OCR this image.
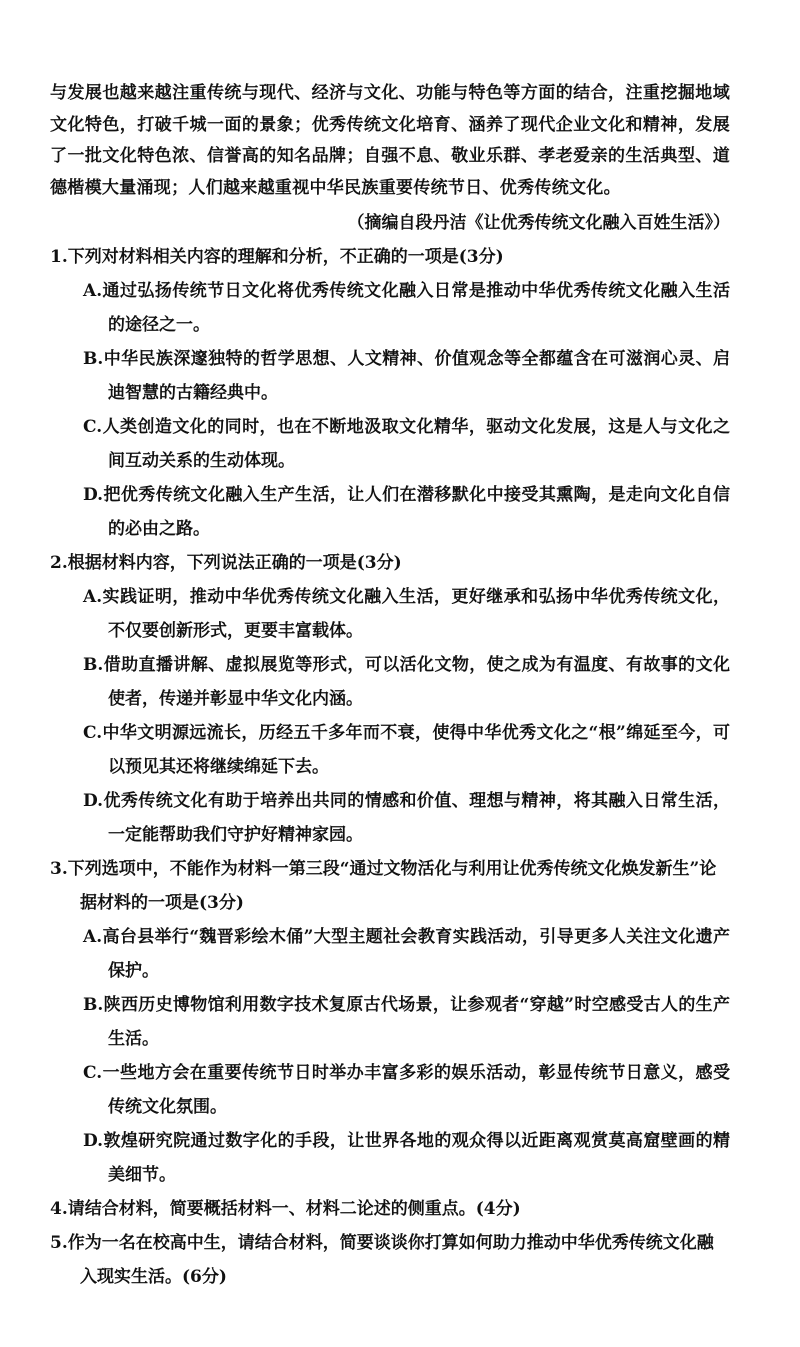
与发展也越来越注重传统与现代、经济与文化、功能与特色等方面的结合，注重挖掘地域文化特色，打破千城一面的景象；优秀传统文化培育、涵养了现代企业文化和精神，发展了一批文化特色浓、信誉高的知名品牌；自强不息、敬业乐群、孝老爱亲的生活典型、道德楷模大量涌现；人们越来越重视中华民族重要传统节日、优秀传统文化。

（摘编自段丹洁《让优秀传统文化融入百姓生活》）

1.下列对材料相关内容的理解和分析，不正确的一项是(3分)

A.通过弘扬传统节日文化将优秀传统文化融入日常是推动中华优秀传统文化融入生活的途径之一。

B.中华民族深邃独特的哲学思想、人文精神、价值观念等全都蕴含在可滋润心灵、启迪智慧的古籍经典中。

C.人类创造文化的同时，也在不断地汲取文化精华，驱动文化发展，这是人与文化之间互动关系的生动体现。

D.把优秀传统文化融入生产生活，让人们在潜移默化中接受其熏陶，是走向文化自信的必由之路。

2.根据材料内容，下列说法正确的一项是(3分)

A.实践证明，推动中华优秀传统文化融入生活，更好继承和弘扬中华优秀传统文化，不仅要创新形式，更要丰富载体。

B.借助直播讲解、虚拟展览等形式，可以活化文物，使之成为有温度、有故事的文化使者，传递并彰显中华文化内涵。

C.中华文明源远流长，历经五千多年而不衰，使得中华优秀文化之“根”绵延至今，可以预见其还将继续绵延下去。

D.优秀传统文化有助于培养出共同的情感和价值、理想与精神，将其融入日常生活，一定能帮助我们守护好精神家园。

3.下列选项中，不能作为材料一第三段“通过文物活化与利用让优秀传统文化焕发新生”论据材料的一项是(3分)

A.高台县举行“魏晋彩绘木俑”大型主题社会教育实践活动，引导更多人关注文化遗产保护。

B.陕西历史博物馆利用数字技术复原古代场景，让参观者“穿越”时空感受古人的生产生活。

C.一些地方会在重要传统节日时举办丰富多彩的娱乐活动，彰显传统节日意义，感受传统文化氛围。

D.敦煌研究院通过数字化的手段，让世界各地的观众得以近距离观赏莫高窟壁画的精美细节。

4.请结合材料，简要概括材料一、材料二论述的侧重点。(4分)

5.作为一名在校高中生，请结合材料，简要谈谈你打算如何助力推动中华优秀传统文化融入现实生活。(6分)
